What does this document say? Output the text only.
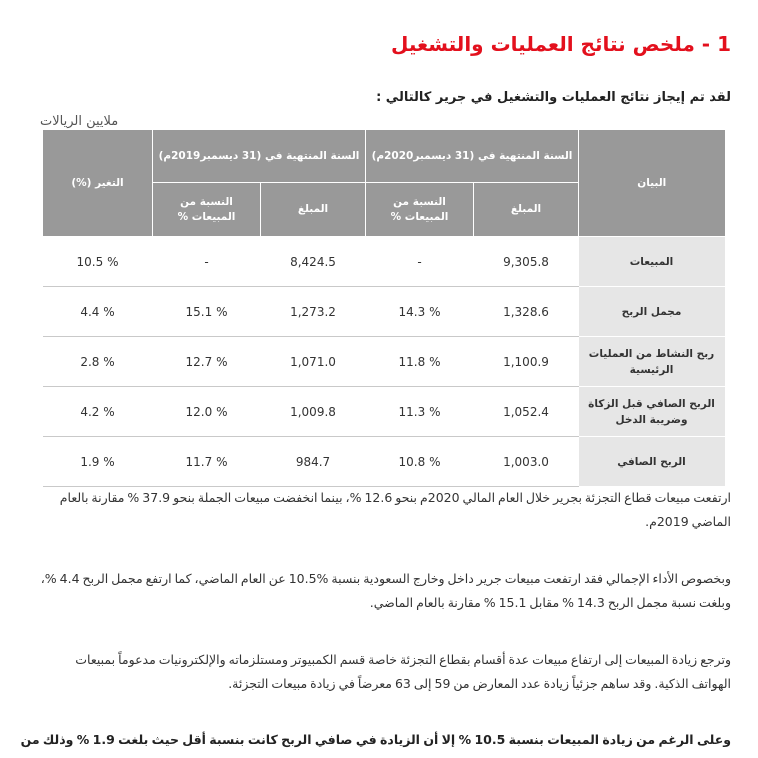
1 - ملخص نتائج العمليات والتشغيل

لقد تم إيجاز نتائج العمليات والتشغيل في جرير كالتالي :

ملايين الريالات

البيان	السنة المنتهية في (31 ديسمبر2020م)		السنة المنتهية في (31 ديسمبر2019م)		التغير (%)
	المبلغ	النسبة من المبيعات %	المبلغ	النسبة من المبيعات %	
المبيعات	9,305.8	-	8,424.5	-	10.5 %
مجمل الربح	1,328.6	14.3 %	1,273.2	15.1 %	4.4 %
ربح النشاط من العمليات الرئيسية	1,100.9	11.8 %	1,071.0	12.7 %	2.8 %
الربح الصافي قبل الزكاة وضريبة الدخل	1,052.4	11.3 %	1,009.8	12.0 %	4.2 %
الربح الصافي	1,003.0	10.8 %	984.7	11.7 %	1.9 %

ارتفعت مبيعات قطاع التجزئة بجرير خلال العام المالي 2020م بنحو 12.6 %، بينما انخفضت مبيعات الجملة بنحو 37.9 % مقارنة بالعام الماضي 2019م.

وبخصوص الأداء الإجمالي فقد ارتفعت مبيعات جرير داخل وخارج السعودية بنسبة %10.5 عن العام الماضي، كما ارتفع مجمل الربح 4.4 %، وبلغت نسبة مجمل الربح 14.3 % مقابل 15.1 % مقارنة بالعام الماضي.

وترجع زيادة المبيعات إلى ارتفاع مبيعات عدة أقسام بقطاع التجزئة خاصة قسم الكمبيوتر ومستلزماته والإلكترونيات مدعوماً بمبيعات الهواتف الذكية. وقد ساهم جزئياً زيادة عدد المعارض من 59 إلى 63 معرضاً في زيادة مبيعات التجزئة.

وعلى الرغم من زيادة المبيعات بنسبة 10.5 % إلا أن الزيادة في صافي الربح كانت بنسبة أقل حيث بلغت 1.9 % وذلك من
